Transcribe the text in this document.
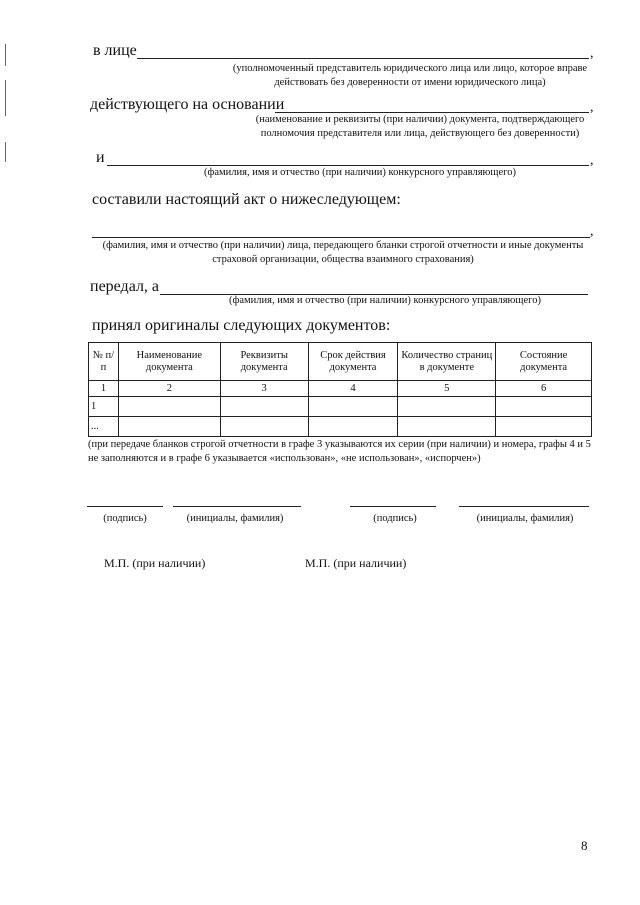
в лице	,
(уполномоченный представитель юридического лица или лицо, которое вправе действовать без доверенности от имени юридического лица)
действующего на основании	,
(наименование и реквизиты (при наличии) документа, подтверждающего полномочия представителя или лица, действующего без доверенности)
и	,
(фамилия, имя и отчество (при наличии) конкурсного управляющего)
составили настоящий акт о нижеследующем:
,
(фамилия, имя и отчество (при наличии) лица, передающего бланки строгой отчетности и иные документы страховой организации, общества взаимного страхования)
передал, а
(фамилия, имя и отчество (при наличии) конкурсного управляющего)
принял оригиналы следующих документов:
№ п/п	Наименование документа	Реквизиты документа	Срок действия документа	Количество страниц в документе	Состояние документа
1	2	3	4	5	6
1					
...					
(при передаче бланков строгой отчетности в графе 3 указываются их серии (при наличии) и номера, графы 4 и 5 не заполняются и в графе 6 указывается «использован», «не использован», «испорчен»)
(подпись)	(инициалы, фамилия)	(подпись)	(инициалы, фамилия)
М.П. (при наличии)	М.П. (при наличии)
8
